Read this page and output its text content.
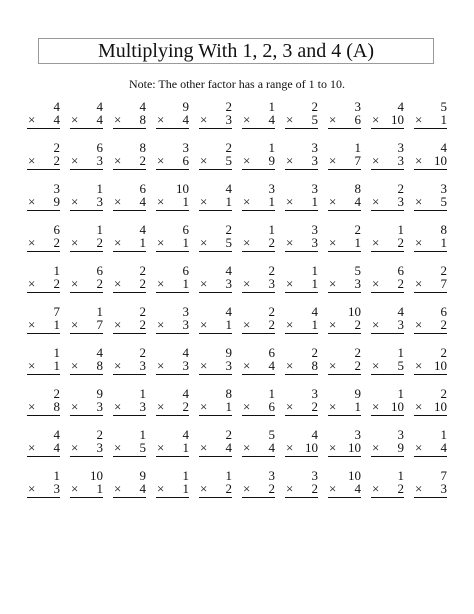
Multiplying With 1, 2, 3 and 4 (A)
Note: The other factor has a range of 1 to 10.
4
× 4
4
× 4
4
× 8
9
× 4
2
× 3
1
× 4
2
× 5
3
× 6
4
× 10
5
× 1
2
× 2
6
× 3
8
× 2
3
× 6
2
× 5
1
× 9
3
× 3
1
× 7
3
× 3
4
× 10
3
× 9
1
× 3
6
× 4
10
× 1
4
× 1
3
× 1
3
× 1
8
× 4
2
× 3
3
× 5
6
× 2
1
× 2
4
× 1
6
× 1
2
× 5
1
× 2
3
× 3
2
× 1
1
× 2
8
× 1
1
× 2
6
× 2
2
× 2
6
× 1
4
× 3
2
× 3
1
× 1
5
× 3
6
× 2
2
× 7
7
× 1
1
× 7
2
× 2
3
× 3
4
× 1
2
× 2
4
× 1
10
× 2
4
× 3
6
× 2
1
× 1
4
× 8
2
× 3
4
× 3
9
× 3
6
× 4
2
× 8
2
× 2
1
× 5
2
× 10
2
× 8
9
× 3
1
× 3
4
× 2
8
× 1
1
× 6
3
× 2
9
× 1
1
× 10
2
× 10
4
× 4
2
× 3
1
× 5
4
× 1
2
× 4
5
× 4
4
× 10
3
× 10
3
× 9
1
× 4
1
× 3
10
× 1
9
× 4
1
× 1
1
× 2
3
× 2
3
× 2
10
× 4
1
× 2
7
× 3
